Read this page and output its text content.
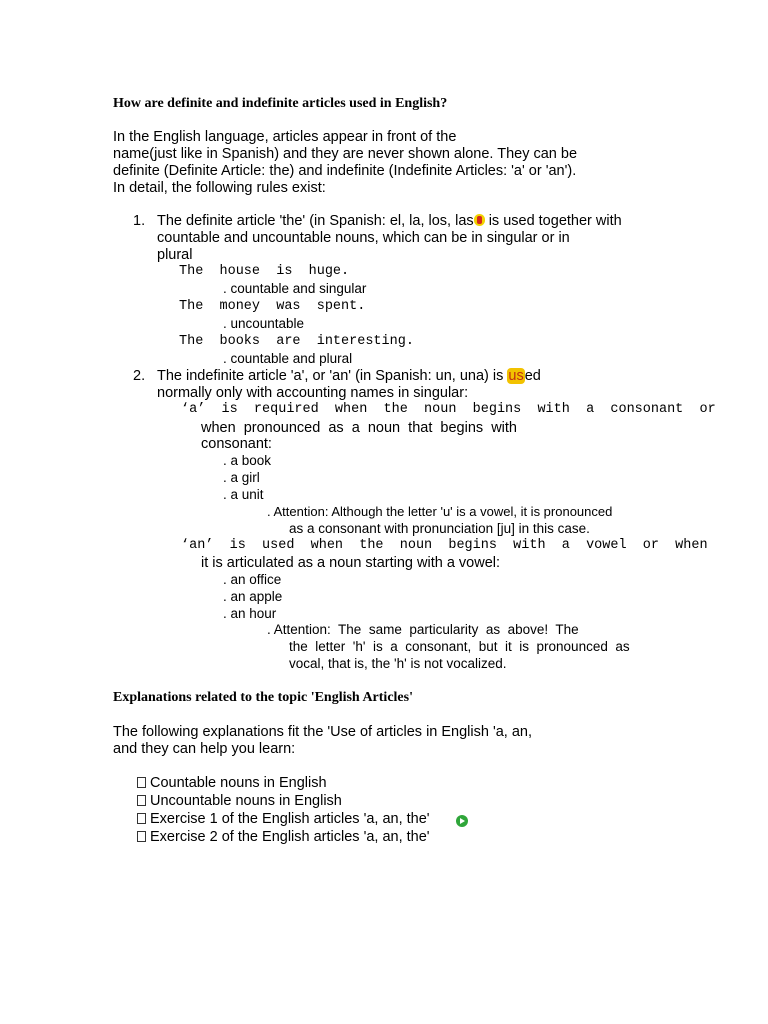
How are definite and indefinite articles used in English?
In the English language, articles appear in front of the
name(just like in Spanish) and they are never shown alone. They can be
definite (Definite Article: the) and indefinite (Indefinite Articles: 'a' or 'an').
In detail, the following rules exist:
1. The definite article 'the' (in Spanish: el, la, los, las is used together with
countable and uncountable nouns, which can be in singular or in
plural
The  house  is  huge.
. countable and singular
The  money  was  spent.
. uncountable
The  books  are  interesting.
. countable and plural
2. The indefinite article 'a', or 'an' (in Spanish: un, una) is used
normally only with accounting names in singular:
‘a’  is  required  when  the  noun  begins  with  a  consonant  or
when  pronounced  as  a  noun  that  begins  with
consonant:
. a book
. a girl
. a unit
. Attention: Although the letter 'u' is a vowel, it is pronounced
as a consonant with pronunciation [ju] in this case.
‘an’  is  used  when  the  noun  begins  with  a  vowel  or  when
it is articulated as a noun starting with a vowel:
. an office
. an apple
. an hour
. Attention:  The  same  particularity  as  above!  The
the  letter  'h'  is  a  consonant,  but  it  is  pronounced  as
vocal, that is, the 'h' is not vocalized.
Explanations related to the topic 'English Articles'
The following explanations fit the 'Use of articles in English 'a, an,
and they can help you learn:
Countable nouns in English
Uncountable nouns in English
Exercise 1 of the English articles 'a, an, the'
Exercise 2 of the English articles 'a, an, the'
